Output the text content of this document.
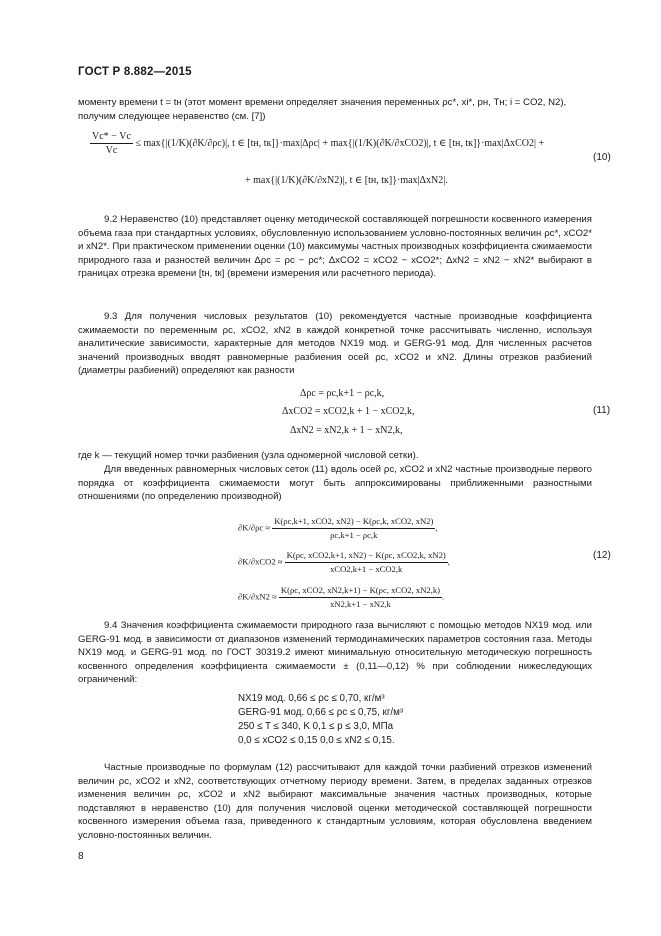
ГОСТ Р 8.882—2015

моменту времени t = tн (этот момент времени определяет значения переменных ρс*, xi*, pн, Tн; i = CO2, N2),

получим следующее неравенство (см. [7])

$\frac{Vс* - Vс}{Vс} \le \max\{|(1/K)(\partial K/\partial\rho с)|$, t ∈ [tн, tк]}·max|Δρс| + max{|(1/K)(∂K/∂xCO2)|, t ∈ [tн, tк]}·max|ΔxCO2| +
(10)
+ max{|(1/K)(∂K/∂xN2)|, t ∈ [tн, tк]}·max|ΔxN2|.

9.2 Неравенство (10) представляет оценку методической составляющей погрешности косвенного измерения объема газа при стандартных условиях, обусловленную использованием условно-постоянных величин ρс*, xCO2* и xN2*. При практическом применении оценки (10) максимумы частных производных коэффициента сжимаемости природного газа и разностей величин Δρс = ρс − ρс*; ΔxCO2 = xCO2 − xCO2*; ΔxN2 = xN2 − xN2* выбирают в границах отрезка времени [tн, tк] (времени измерения или расчетного периода).

9.3 Для получения числовых результатов (10) рекомендуется частные производные коэффициента сжимаемости по переменным ρс, xCO2, xN2 в каждой конкретной точке рассчитывать численно, используя аналитические зависимости, характерные для методов NX19 мод. и GERG-91 мод. Для численных расчетов значений производных вводят равномерные разбиения осей ρс, xCO2 и xN2. Длины отрезков разбиений (диаметры разбиений) определяют как разности

Δρс = ρс,k+1 − ρс,k,
ΔxCO2 = xCO2,k + 1 − xCO2,k,
ΔxN2 = xN2,k + 1 − xN2,k,
(11)

где k — текущий номер точки разбиения (узла одномерной числовой сетки).

Для введенных равномерных числовых сеток (11) вдоль осей ρс, xCO2 и xN2 частные производные первого порядка от коэффициента сжимаемости могут быть аппроксимированы приближенными разностными отношениями (по определению производной)

$\partial K/\partial\rho с \approx \frac{\text{K(ρс,k+1, xCO2, xN2) − K(ρс,k, xCO2, xN2)}}{\rho с,k+1 - \rho с,k}$ ,
$\partial K/\partial xCO2 \approx \frac{\text{K(ρс, xCO2,k+1, xN2) − K(ρс, xCO2,k, xN2)}}{\text{xCO2,k+1 − xCO2,k}}$ ,
$\partial K/\partial xN2 \approx \frac{\text{K(ρс, xCO2, xN2,k+1) − K(ρс, xCO2, xN2,k)}}{xN2,k+1 - xN2,k}$ .
(12)

9.4 Значения коэффициента сжимаемости природного газа вычисляют с помощью методов NX19 мод. или GERG-91 мод. в зависимости от диапазонов изменений термодинамических параметров состояния газа. Методы NX19 мод. и GERG-91 мод. по ГОСТ 30319.2 имеют минимальную относительную методическую погрешность косвенного определения коэффициента сжимаемости ± (0,11—0,12) % при соблюдении нижеследующих ограничений:

NX19 мод. 0,66 ≤ ρс ≤ 0,70, кг/м³
GERG-91 мод. 0,66 ≤ ρс ≤ 0,75, кг/м³
250 ≤ T ≤ 340, K 0,1 ≤ p ≤ 3,0, МПа
0,0 ≤ xCO2 ≤ 0,15 0,0 ≤ xN2 ≤ 0,15.

Частные производные по формулам (12) рассчитывают для каждой точки разбиений отрезков изменений величин ρс, xCO2 и xN2, соответствующих отчетному периоду времени. Затем, в пределах заданных отрезков изменения величин ρс, xCO2 и xN2 выбирают максимальные значения частных производных, которые подставляют в неравенство (10) для получения числовой оценки методической составляющей погрешности косвенного измерения объема газа, приведенного к стандартным условиям, которая обусловлена введением условно-постоянных величин.

8
